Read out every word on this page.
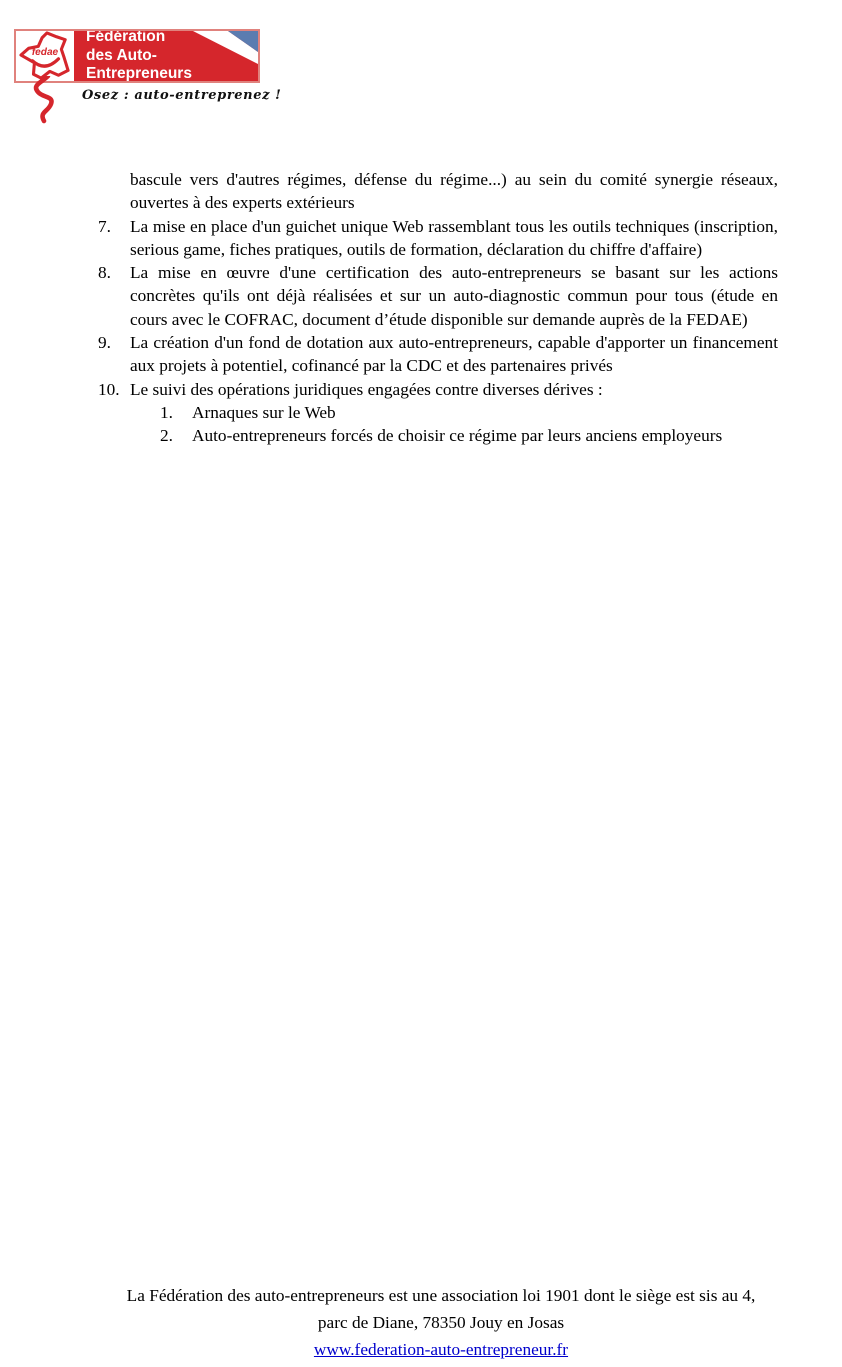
fedae
Fédération
des Auto-Entrepreneurs
Osez : auto-entreprenez !

bascule vers d'autres régimes, défense du régime...) au sein du comité synergie réseaux, ouvertes à des experts extérieurs

7. La mise en place d'un guichet unique Web rassemblant tous les outils techniques (inscription, serious game, fiches pratiques, outils de formation, déclaration du chiffre d'affaire)
8. La mise en œuvre d'une certification des auto-entrepreneurs se basant sur les actions concrètes qu'ils ont déjà réalisées et sur un auto-diagnostic commun pour tous (étude en cours avec le COFRAC, document d’étude disponible sur demande auprès de la FEDAE)
9. La création d'un fond de dotation aux auto-entrepreneurs, capable d'apporter un financement aux projets à potentiel, cofinancé par la CDC et des partenaires privés
10. Le suivi des opérations juridiques engagées contre diverses dérives :
1. Arnaques sur le Web
2. Auto-entrepreneurs forcés de choisir ce régime par leurs anciens employeurs
La Fédération des auto-entrepreneurs est une association loi 1901 dont le siège est sis au 4,
parc de Diane, 78350 Jouy en Josas
www.federation-auto-entrepreneur.fr
